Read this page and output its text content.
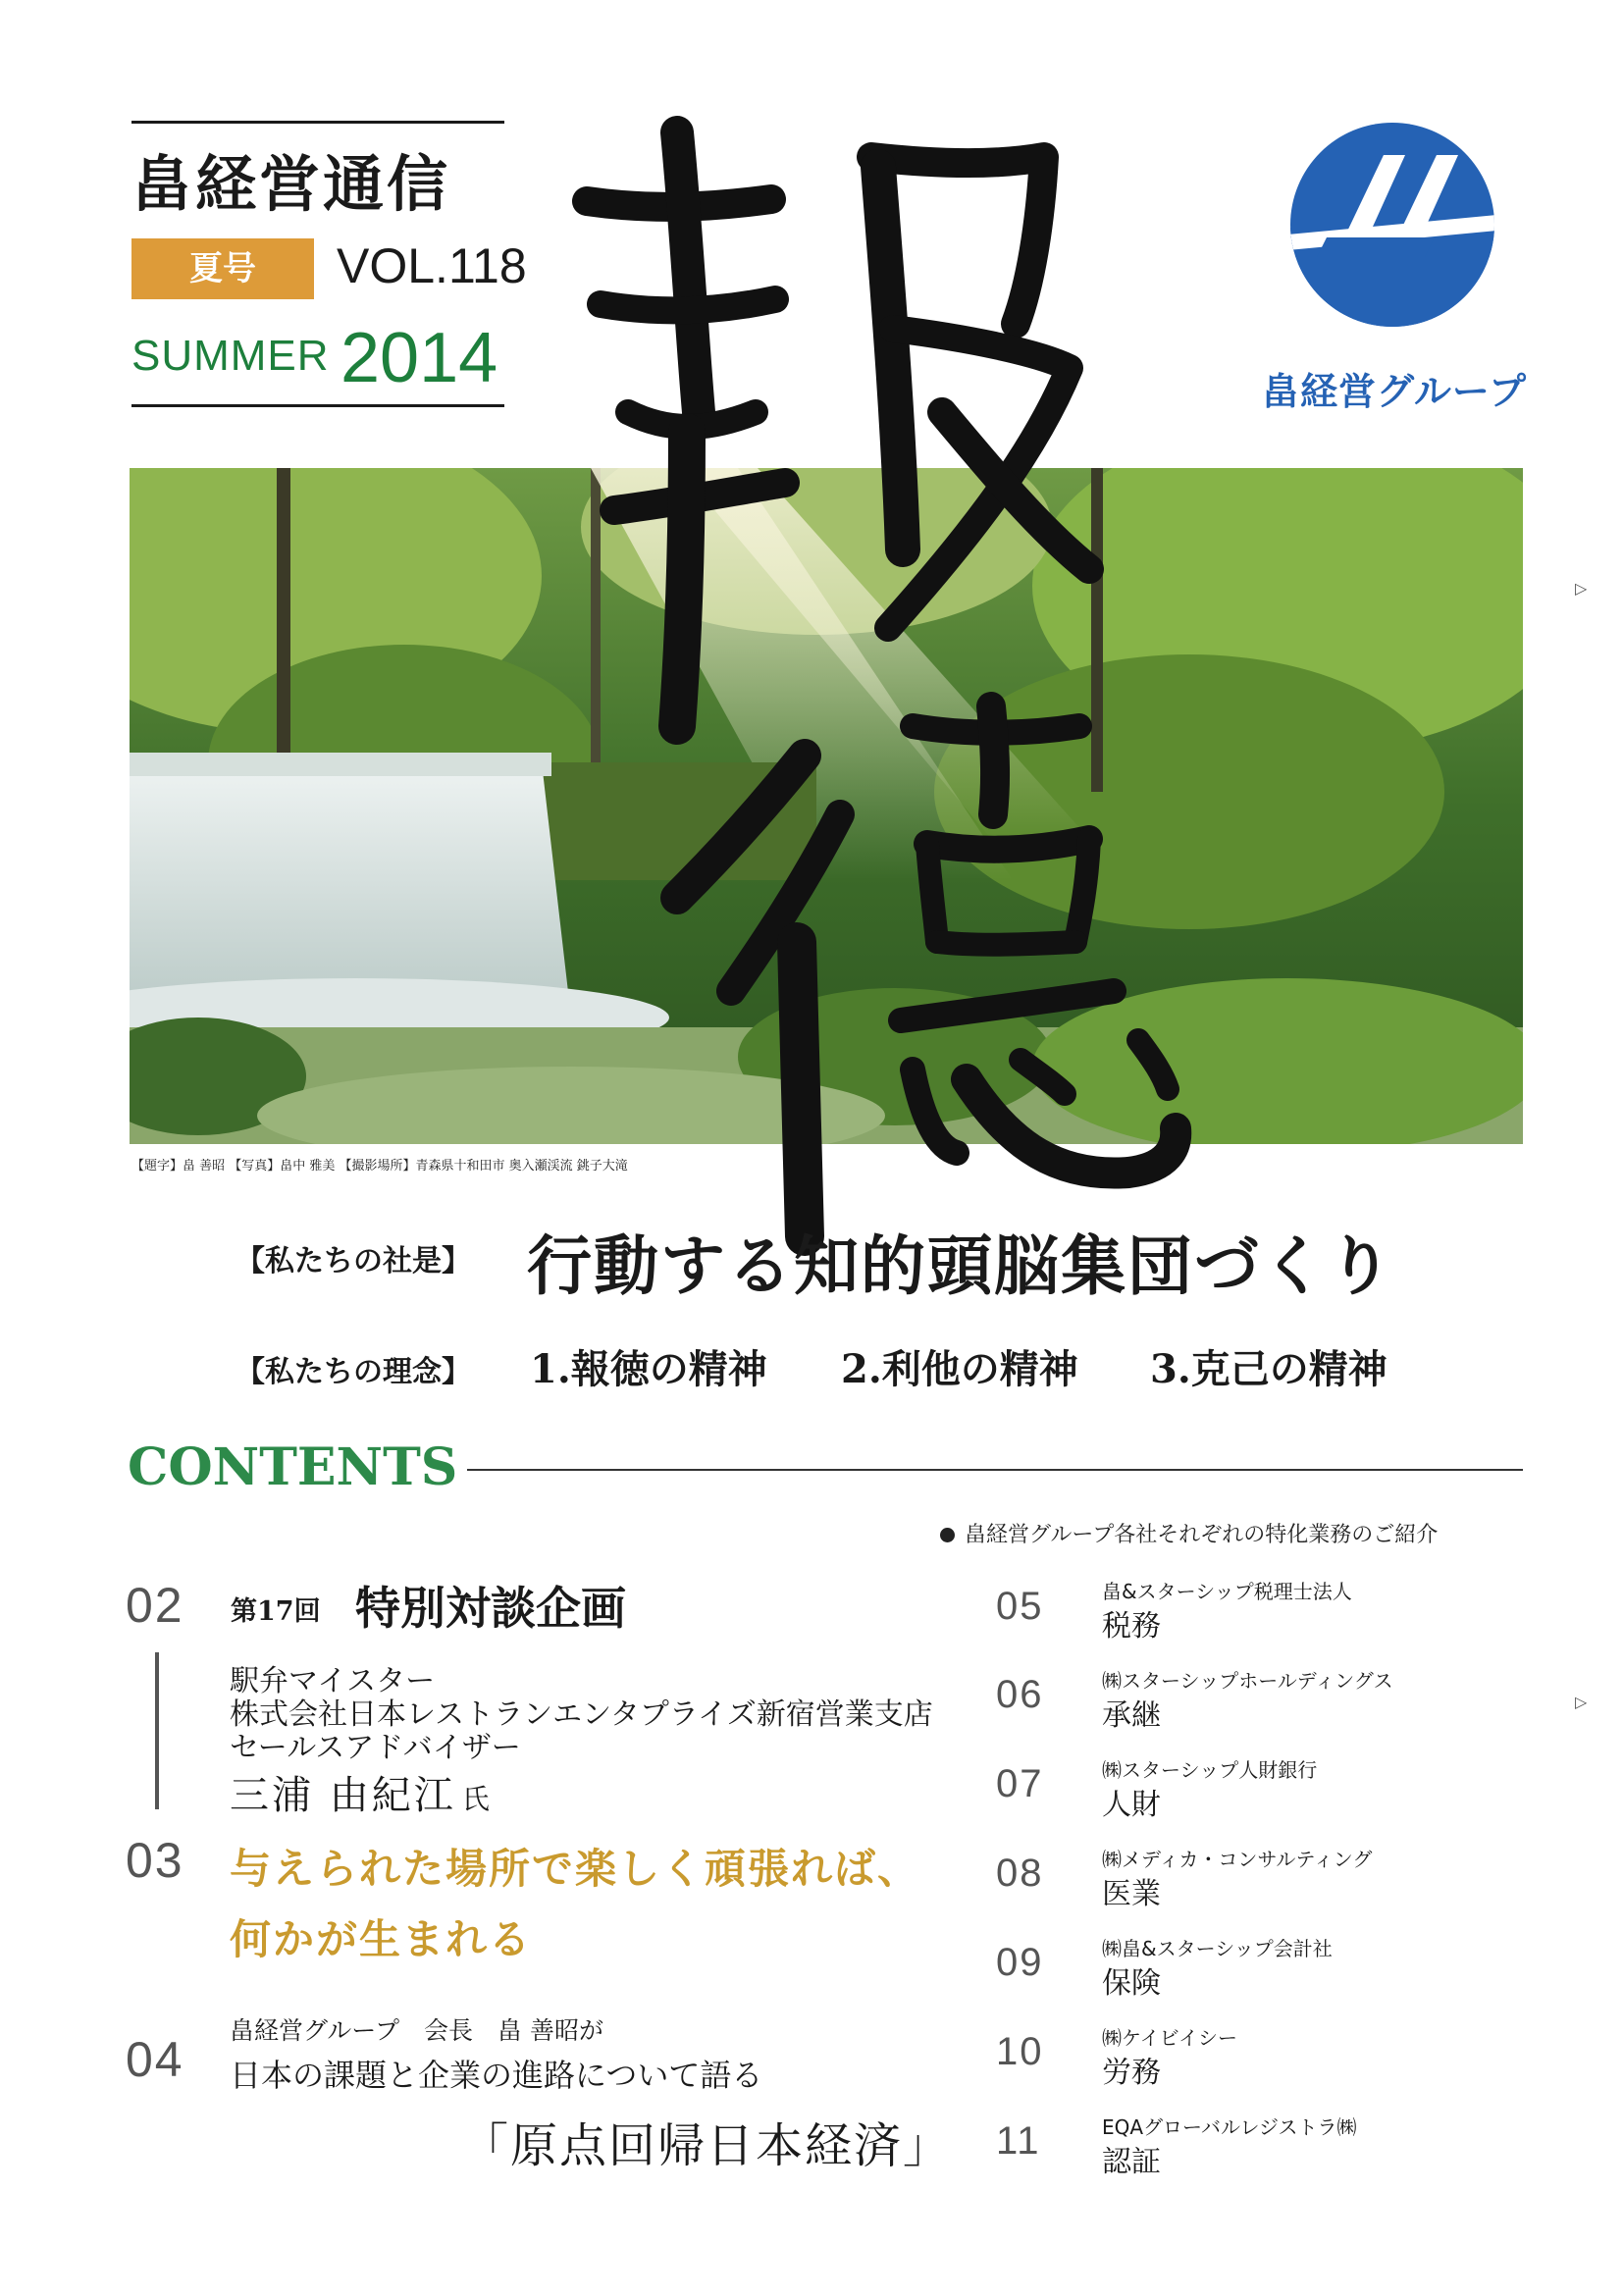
畠経営通信
夏号	VOL.118
SUMMER 2014	畠経営グループ
【題字】畠 善昭 【写真】畠中 雅美 【撮影場所】青森県十和田市 奥入瀬渓流 銚子大滝
【私たちの社是】 行動する知的頭脳集団づくり
【私たちの理念】 1.報徳の精神 2.利他の精神 3.克己の精神
CONTENTS
畠経営グループ各社それぞれの特化業務のご紹介
02 第17回 特別対談企画
駅弁マイスター
株式会社日本レストランエンタプライズ新宿営業支店
セールスアドバイザー
三浦 由紀江 氏
03 与えられた場所で楽しく頑張れば、
何かが生まれる
04
畠経営グループ　会長　畠 善昭が
日本の課題と企業の進路について語る
「原点回帰日本経済」
05	畠&スターシップ税理士法人
税務
06	㈱スターシップホールディングス
承継
07	㈱スターシップ人財銀行
人財
08	㈱メディカ・コンサルティング
医業
09	㈱畠&スターシップ会計社
保険
10	㈱ケイビイシー
労務
11	EQAグローバルレジストラ㈱
認証
▷
▷
